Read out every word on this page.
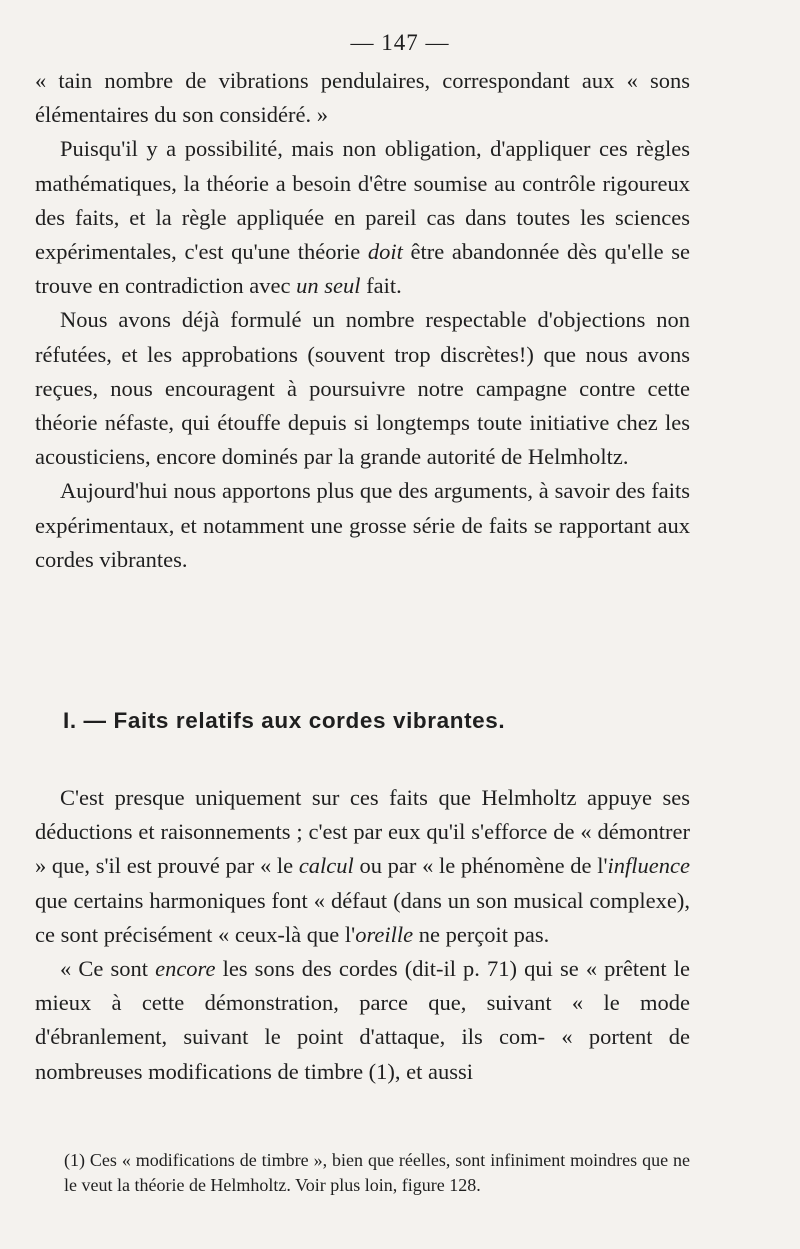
— 147 —

« tain nombre de vibrations pendulaires, correspondant aux « sons élémentaires du son considéré. »

Puisqu'il y a possibilité, mais non obligation, d'appliquer ces règles mathématiques, la théorie a besoin d'être soumise au contrôle rigoureux des faits, et la règle appliquée en pareil cas dans toutes les sciences expérimentales, c'est qu'une théorie doit être abandonnée dès qu'elle se trouve en contradiction avec un seul fait.

Nous avons déjà formulé un nombre respectable d'objections non réfutées, et les approbations (souvent trop discrètes!) que nous avons reçues, nous encouragent à poursuivre notre campagne contre cette théorie néfaste, qui étouffe depuis si longtemps toute initiative chez les acousticiens, encore dominés par la grande autorité de Helmholtz.

Aujourd'hui nous apportons plus que des arguments, à savoir des faits expérimentaux, et notamment une grosse série de faits se rapportant aux cordes vibrantes.

I. — Faits relatifs aux cordes vibrantes.

C'est presque uniquement sur ces faits que Helmholtz appuye ses déductions et raisonnements ; c'est par eux qu'il s'efforce de « démontrer » que, s'il est prouvé par « le calcul ou par « le phénomène de l'influence que certains harmoniques font « défaut (dans un son musical complexe), ce sont précisément « ceux-là que l'oreille ne perçoit pas.

« Ce sont encore les sons des cordes (dit-il p. 71) qui se « prêtent le mieux à cette démonstration, parce que, suivant « le mode d'ébranlement, suivant le point d'attaque, ils com- « portent de nombreuses modifications de timbre (1), et aussi

(1) Ces « modifications de timbre », bien que réelles, sont infiniment moindres que ne le veut la théorie de Helmholtz. Voir plus loin, figure 128.
